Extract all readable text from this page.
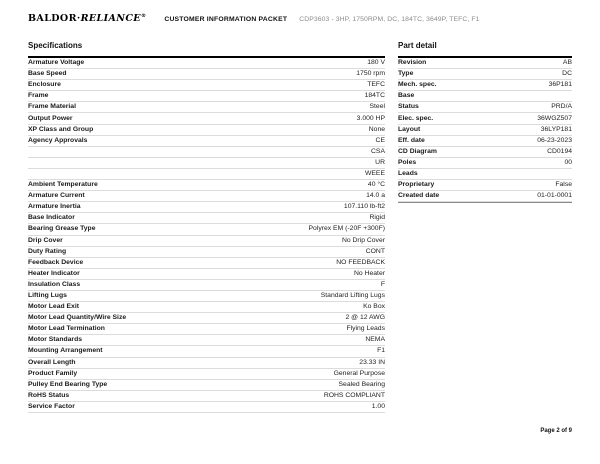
BALDOR·RELIANCE®
CUSTOMER INFORMATION PACKET CDP3603 - 3HP, 1750RPM, DC, 184TC, 3649P, TEFC, F1
Specifications
Armature Voltage	180 V
Base Speed	1750 rpm
Enclosure	TEFC
Frame	184TC
Frame Material	Steel
Output Power	3.000 HP
XP Class and Group	None
Agency Approvals	CE
CSA
UR
WEEE
Ambient Temperature	40 °C
Armature Current	14.0 a
Armature Inertia	107.110 lb-ft2
Base Indicator	Rigid
Bearing Grease Type	Polyrex EM (-20F +300F)
Drip Cover	No Drip Cover
Duty Rating	CONT
Feedback Device	NO FEEDBACK
Heater Indicator	No Heater
Insulation Class	F
Lifting Lugs	Standard Lifting Lugs
Motor Lead Exit	Ko Box
Motor Lead Quantity/Wire Size	2 @ 12 AWG
Motor Lead Termination	Flying Leads
Motor Standards	NEMA
Mounting Arrangement	F1
Overall Length	23.33 IN
Product Family	General Purpose
Pulley End Bearing Type	Sealed Bearing
RoHS Status	ROHS COMPLIANT
Service Factor	1.00
Part detail
Revision	AB
Type	DC
Mech. spec.	36P181
Base
Status	PRD/A
Elec. spec.	36WGZ507
Layout	36LYP181
Eff. date	06-23-2023
CD Diagram	CD0194
Poles	00
Leads
Proprietary	False
Created date	01-01-0001
Page 2 of 9
